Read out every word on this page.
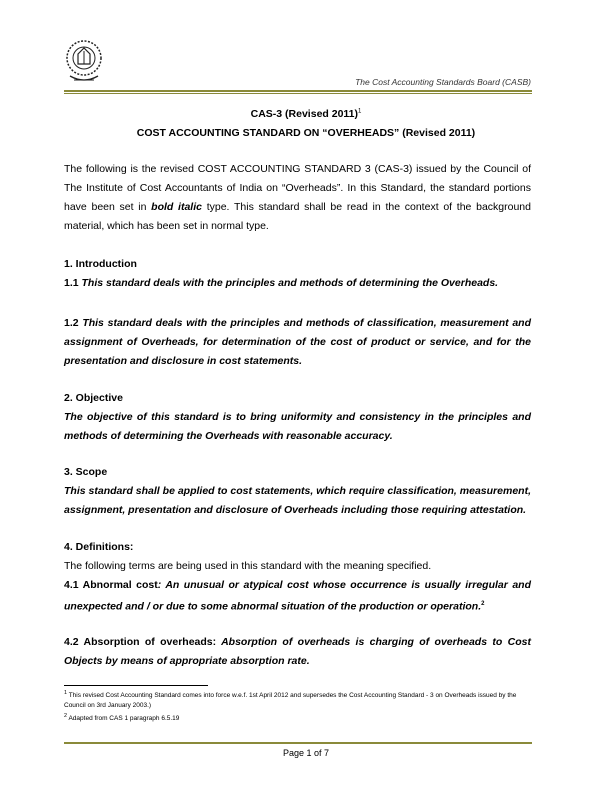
The Cost Accounting Standards Board (CASB)
CAS-3 (Revised 2011)$^1$
COST ACCOUNTING STANDARD ON “OVERHEADS” (Revised 2011)
The following is the revised COST ACCOUNTING STANDARD 3 (CAS-3) issued by the Council of The Institute of Cost Accountants of India on “Overheads”. In this Standard, the standard portions have been set in bold italic type. This standard shall be read in the context of the background material, which has been set in normal type.
1. Introduction
1.1 This standard deals with the principles and methods of determining the Overheads.
1.2 This standard deals with the principles and methods of classification, measurement and assignment of Overheads, for determination of the cost of product or service, and for the presentation and disclosure in cost statements.
2. Objective
The objective of this standard is to bring uniformity and consistency in the principles and methods of determining the Overheads with reasonable accuracy.
3. Scope
This standard shall be applied to cost statements, which require classification, measurement, assignment, presentation and disclosure of Overheads including those requiring attestation.
4. Definitions:
The following terms are being used in this standard with the meaning specified.
4.1 Abnormal cost: An unusual or atypical cost whose occurrence is usually irregular and unexpected and / or due to some abnormal situation of the production or operation.$^2$
4.2 Absorption of overheads: Absorption of overheads is charging of overheads to Cost Objects by means of appropriate absorption rate.
$^1$ This revised Cost Accounting Standard comes into force w.e.f. 1st April 2012 and supersedes the Cost Accounting Standard - 3 on Overheads issued by the Council on 3rd January 2003.)
$^2$ Adapted from CAS 1 paragraph 6.5.19
Page 1 of 7
